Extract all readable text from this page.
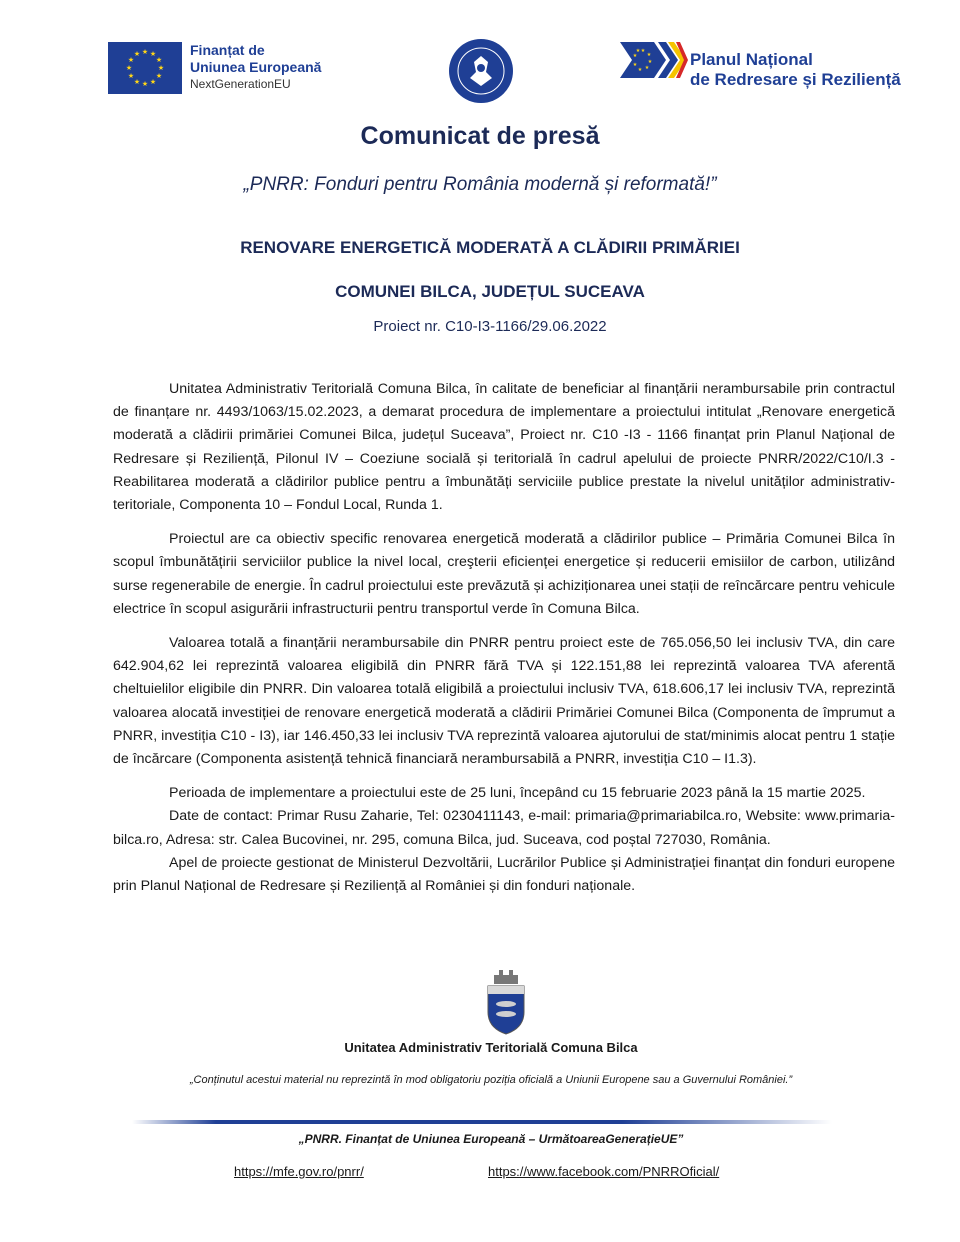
★ ★
★
★
★
★
★
★
★
★
★
★	Finanțat de
Uniunea Europeană
NextGenerationEU
★
★
★
★
★
★
★
★	Planul Național
de Redresare și Reziliență
Comunicat de presă
„PNRR: Fonduri pentru România modernă și reformată!”
RENOVARE ENERGETICĂ MODERATĂ A CLĂDIRII PRIMĂRIEI
COMUNEI BILCA, JUDEȚUL SUCEAVA
Proiect nr. C10-I3-1166/29.06.2022

Unitatea Administrativ Teritorială Comuna Bilca, în calitate de beneficiar al finanțării nerambursabile prin contractul de finanțare nr. 4493/1063/15.02.2023, a demarat procedura de implementare a proiectului intitulat „Renovare energetică moderată a clădirii primăriei Comunei Bilca, județul Suceava”, Proiect nr. C10 -I3 - 1166 finanțat prin Planul Național de Redresare și Reziliență, Pilonul IV – Coeziune socială și teritorială în cadrul apelului de proiecte PNRR/2022/C10/I.3 - Reabilitarea moderată a clădirilor publice pentru a îmbunătăți serviciile publice prestate la nivelul unităților administrativ-teritoriale, Componenta 10 – Fondul Local, Runda 1.

Proiectul are ca obiectiv specific renovarea energetică moderată a clădirilor publice – Primăria Comunei Bilca în scopul îmbunătățirii serviciilor publice la nivel local, creşterii eficienței energetice și reducerii emisiilor de carbon, utilizând surse regenerabile de energie. În cadrul proiectului este prevăzută și achiziționarea unei stații de reîncărcare pentru vehicule electrice în scopul asigurării infrastructurii pentru transportul verde în Comuna Bilca.

Valoarea totală a finanțării nerambursabile din PNRR pentru proiect este de 765.056,50 lei inclusiv TVA, din care 642.904,62 lei reprezintă valoarea eligibilă din PNRR fără TVA și 122.151,88 lei reprezintă valoarea TVA aferentă cheltuielilor eligibile din PNRR. Din valoarea totală eligibilă a proiectului inclusiv TVA, 618.606,17 lei inclusiv TVA, reprezintă valoarea alocată investiției de renovare energetică moderată a clădirii Primăriei Comunei Bilca (Componenta de împrumut a PNRR, investiția C10 - I3), iar 146.450,33 lei inclusiv TVA reprezintă valoarea ajutorului de stat/minimis alocat pentru 1 stație de încărcare (Componenta asistență tehnică financiară nerambursabilă a PNRR, investiția C10 – I1.3).

Perioada de implementare a proiectului este de 25 luni, începând cu 15 februarie 2023 până la 15 martie 2025.

Date de contact: Primar Rusu Zaharie, Tel: 0230411143, e-mail: primaria@primariabilca.ro, Website: www.primaria-bilca.ro, Adresa: str. Calea Bucovinei, nr. 295, comuna Bilca, jud. Suceava, cod poștal 727030, România.

Apel de proiecte gestionat de Ministerul Dezvoltării, Lucrărilor Publice și Administrației finanțat din fonduri europene prin Planul Național de Redresare și Reziliență al României și din fonduri naționale.

Unitatea Administrativ Teritorială Comuna Bilca
„Conținutul acestui material nu reprezintă în mod obligatoriu poziția oficială a Uniunii Europene sau a Guvernului României.”
„PNRR. Finanțat de Uniunea Europeană – UrmătoareaGenerațieUE”
https://mfe.gov.ro/pnrr/	https://www.facebook.com/PNRROficial/
